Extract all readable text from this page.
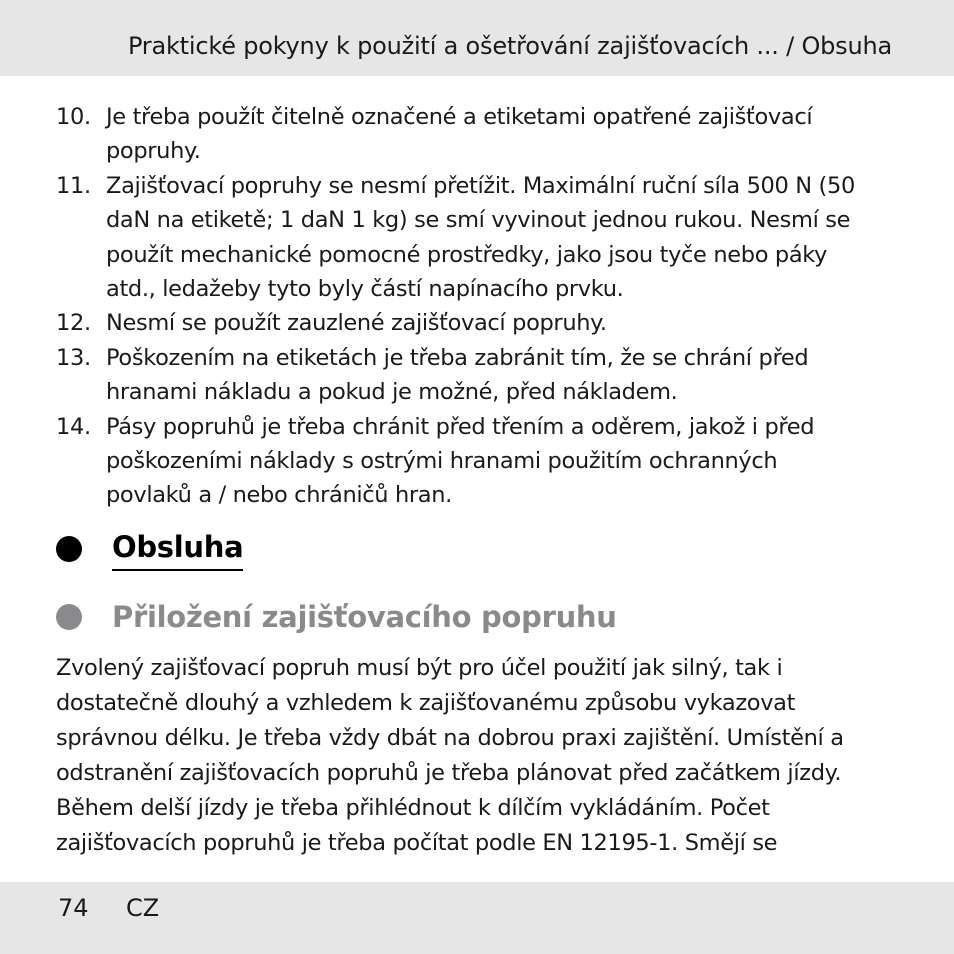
Praktické pokyny k použití a ošetřování zajišťovacích ... / Obsuha
10. Je třeba použít čitelně označené a etiketami opatřené zajišťovací popruhy.
11. Zajišťovací popruhy se nesmí přetížit. Maximální ruční síla 500 N (50 daN na etiketě; 1 daN 1 kg) se smí vyvinout jednou rukou. Nesmí se použít mechanické pomocné prostředky, jako jsou tyče nebo páky atd., ledažeby tyto byly částí napínacího prvku.
12. Nesmí se použít zauzlené zajišťovací popruhy.
13. Poškozením na etiketách je třeba zabránit tím, že se chrání před hranami nákladu a pokud je možné, před nákladem.
14. Pásy popruhů je třeba chránit před třením a oděrem, jakož i před poškozeními náklady s ostrými hranami použitím ochranných povlaků a / nebo chráničů hran.
Obsluha
Přiložení zajišťovacího popruhu

Zvolený zajišťovací popruh musí být pro účel použití jak silný, tak i dostatečně dlouhý a vzhledem k zajišťovanému způsobu vykazovat správnou délku. Je třeba vždy dbát na dobrou praxi zajištění. Umístění a odstranění zajišťovacích popruhů je třeba plánovat před začátkem jízdy. Během delší jízdy je třeba přihlédnout k dílčím vykládáním. Počet zajišťovacích popruhů je třeba počítat podle EN 12195-1. Smějí se

74 CZ
